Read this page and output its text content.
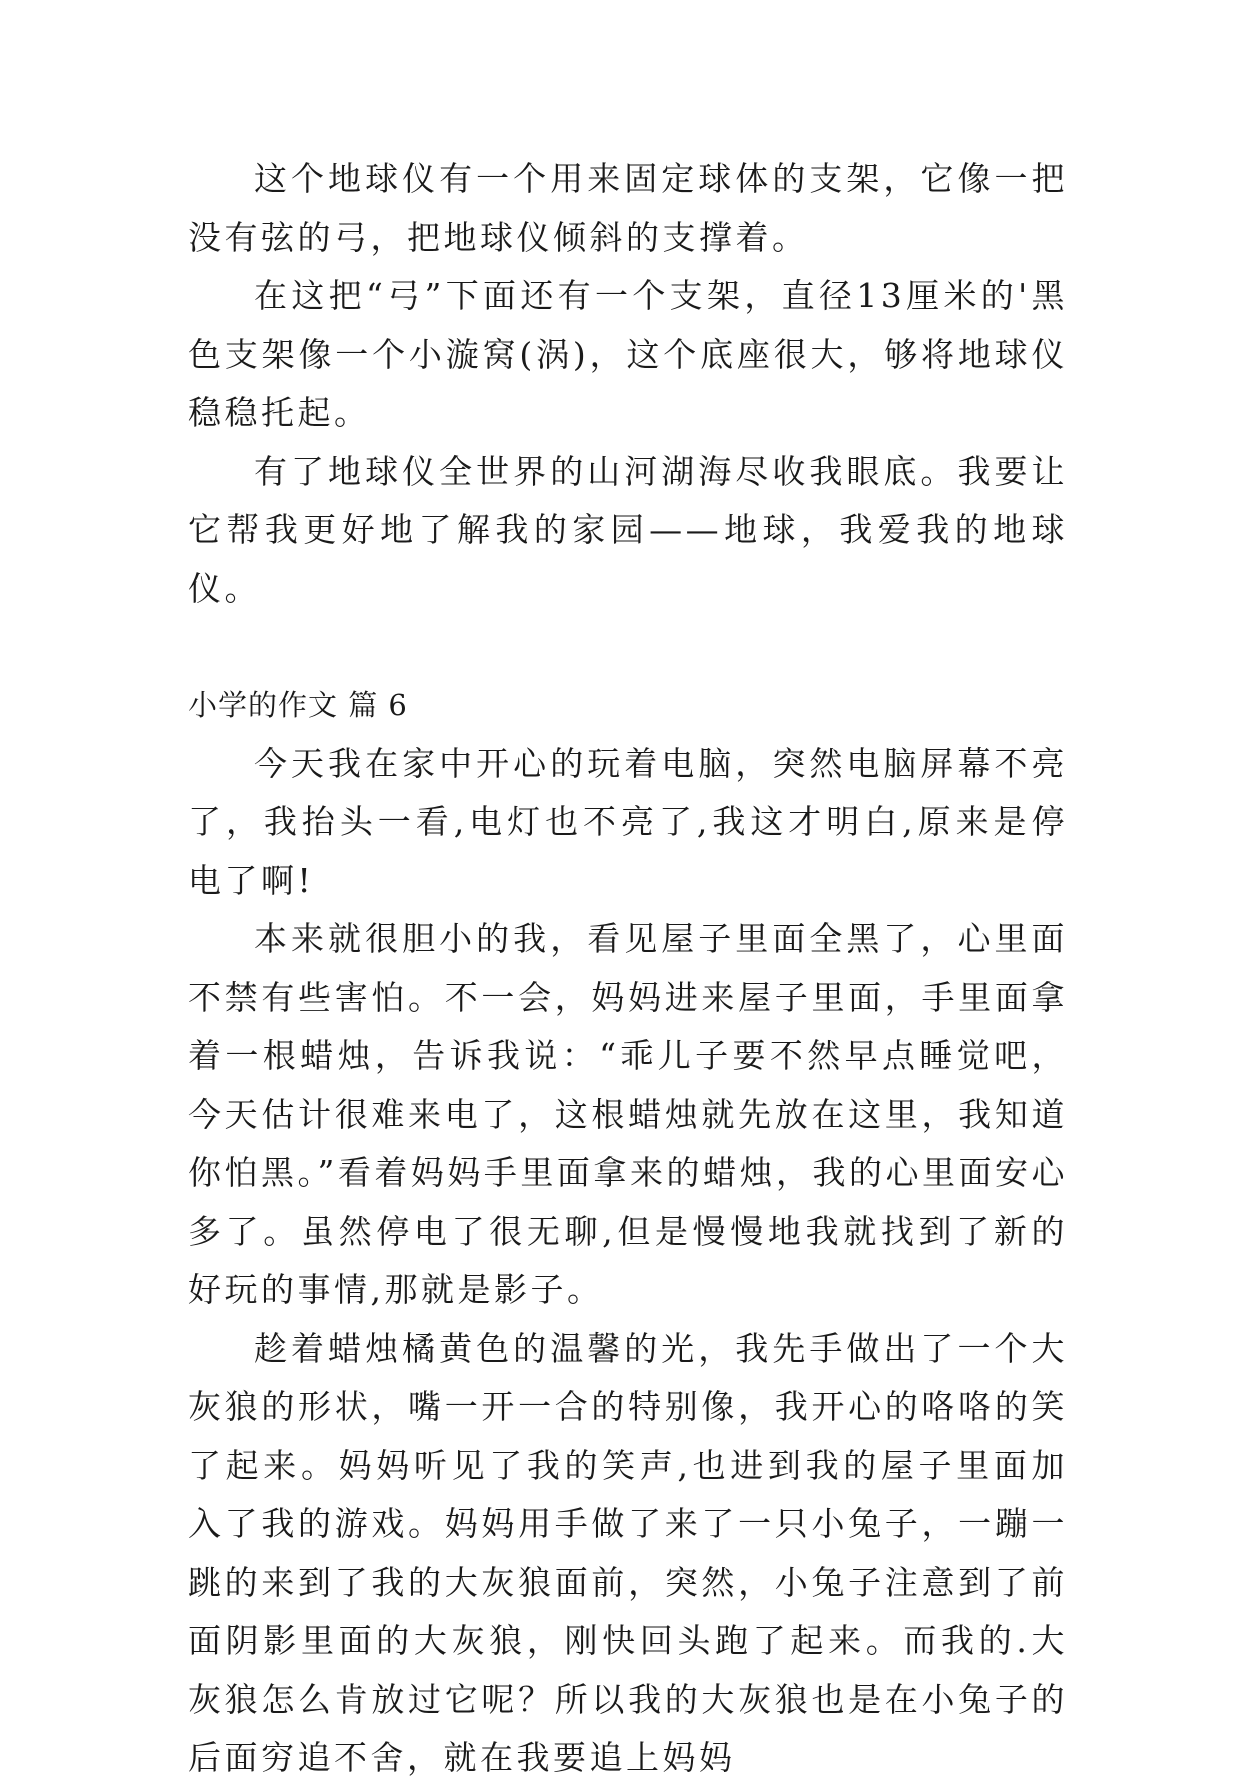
这个地球仪有一个用来固定球体的支架，它像一把没有弦的弓，把地球仪倾斜的支撑着。

在这把“弓”下面还有一个支架，直径13厘米的'黑色支架像一个小漩窝(涡)，这个底座很大，够将地球仪稳稳托起。

有了地球仪全世界的山河湖海尽收我眼底。我要让它帮我更好地了解我的家园——地球，我爱我的地球仪。

小学的作文 篇 6

今天我在家中开心的玩着电脑，突然电脑屏幕不亮了，我抬头一看,电灯也不亮了,我这才明白,原来是停电了啊!

本来就很胆小的我，看见屋子里面全黑了，心里面不禁有些害怕。不一会，妈妈进来屋子里面，手里面拿着一根蜡烛，告诉我说：“乖儿子要不然早点睡觉吧，今天估计很难来电了，这根蜡烛就先放在这里，我知道你怕黑。”看着妈妈手里面拿来的蜡烛，我的心里面安心多了。虽然停电了很无聊,但是慢慢地我就找到了新的好玩的事情,那就是影子。

趁着蜡烛橘黄色的温馨的光，我先手做出了一个大灰狼的形状，嘴一开一合的特别像，我开心的咯咯的笑了起来。妈妈听见了我的笑声,也进到我的屋子里面加入了我的游戏。妈妈用手做了来了一只小兔子，一蹦一跳的来到了我的大灰狼面前，突然，小兔子注意到了前面阴影里面的大灰狼，刚快回头跑了起来。而我的.大灰狼怎么肯放过它呢？所以我的大灰狼也是在小兔子的后面穷追不舍，就在我要追上妈妈
